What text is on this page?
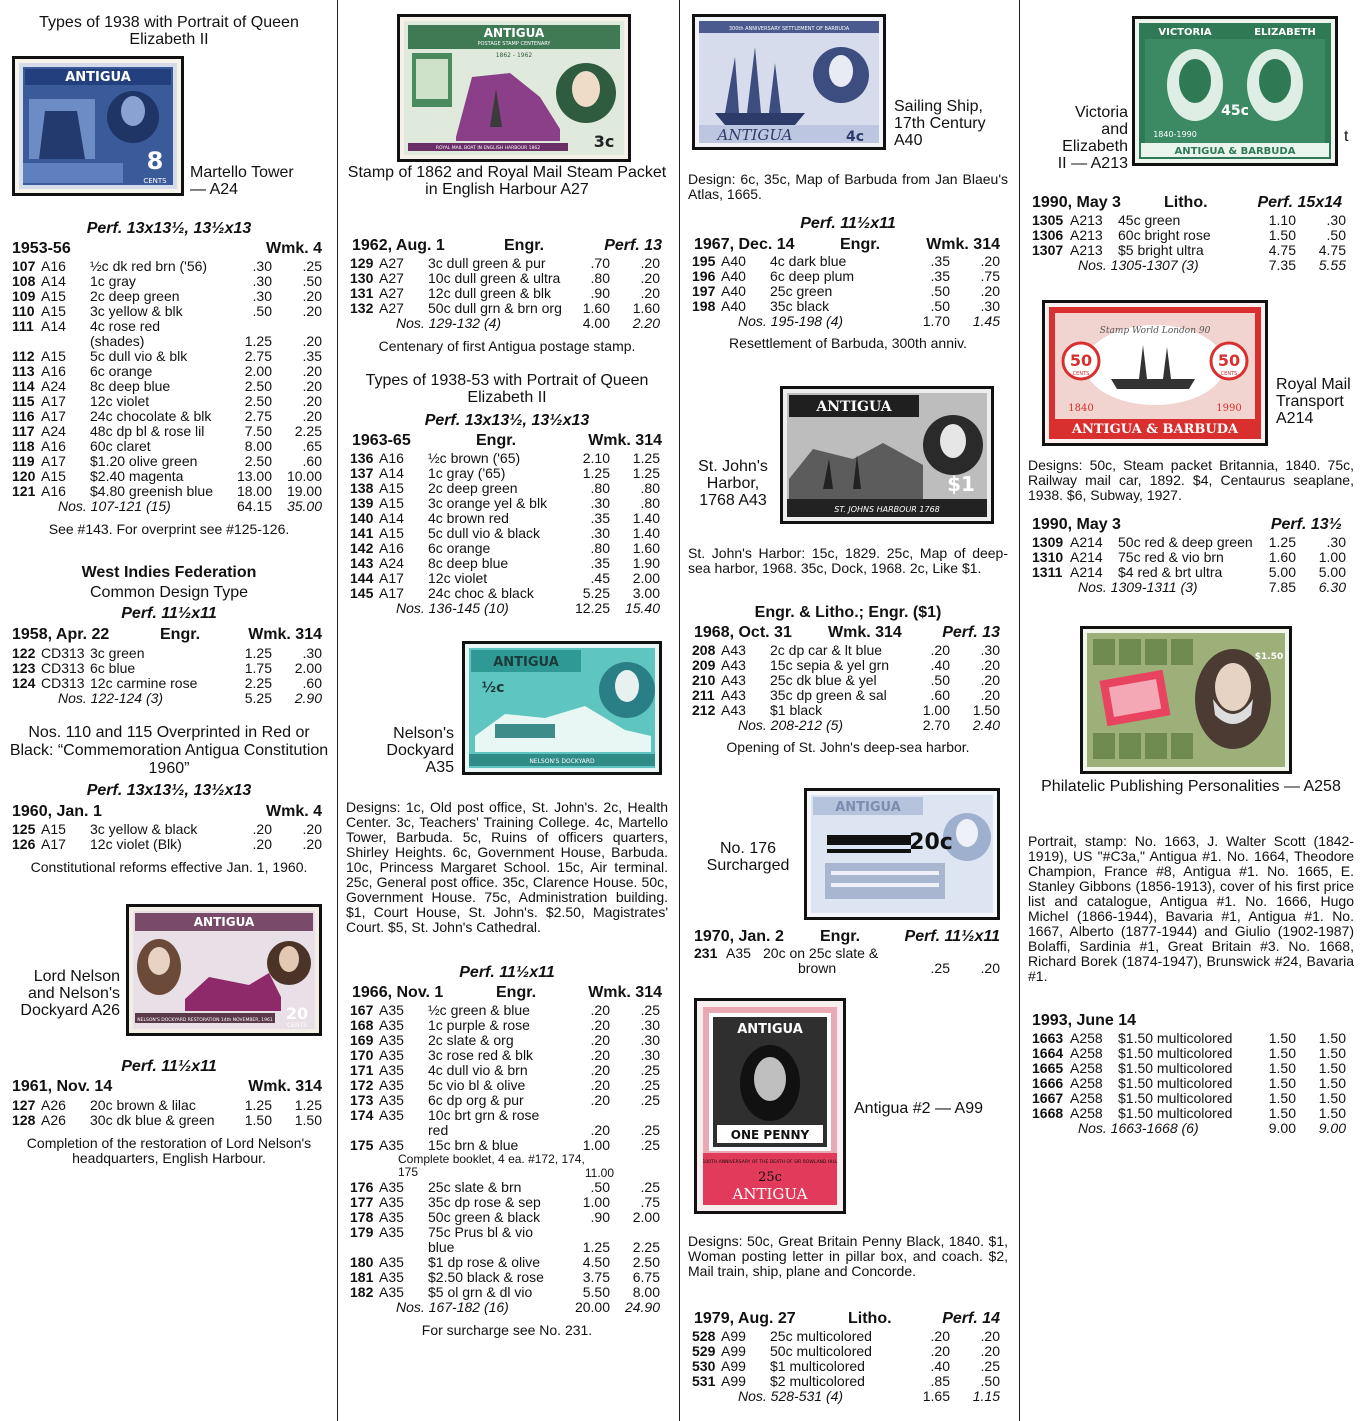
Types of 1938 with Portrait of Queen Elizabeth II
ANTIGUA
8
CENTS Martello Tower — A24
Perf. 13x13½, 13½x13
1953-56	Wmk. 4
107 A16 ½c dk red brn ('56)	.30	.25
108 A14 1c gray	.30	.50
109 A15 2c deep green	.30	.20
110 A15 3c yellow & blk	.50	.20
111 A14 4c rose red
(shades)	1.25	.20
112 A15 5c dull vio & blk	2.75	.35
113 A16 6c orange	2.00	.20
114 A24 8c deep blue	2.50	.20
115 A17 12c violet	2.50	.20
116 A17 24c chocolate & blk	2.75	.20
117 A24 48c dp bl & rose lil	7.50	2.25
118 A16 60c claret	8.00	.65
119 A17 $1.20 olive green	2.50	.60
120 A15 $2.40 magenta	13.00	10.00
121 A16 $4.80 greenish blue	18.00	19.00
Nos. 107-121 (15)	64.15	35.00
See #143. For overprint see #125-126.
West Indies Federation
Common Design Type
Perf. 11½x11
1958, Apr. 22	Engr.	Wmk. 314
122 CD313 3c green	1.25	.30
123 CD313 6c blue	1.75	2.00
124 CD313 12c carmine rose	2.25	.60
Nos. 122-124 (3)	5.25	2.90
Nos. 110 and 115 Overprinted in Red or Black: “Commemoration Antigua Constitution 1960”
Perf. 13x13½, 13½x13
1960, Jan. 1	Wmk. 4
125 A15 3c yellow & black	.20	.20
126 A17 12c violet (Blk)	.20	.20
Constitutional reforms effective Jan. 1, 1960.
ANTIGUA
20
CENTS
NELSON'S DOCKYARD RESTORATION 14th NOVEMBER, 1961
Lord Nelson and Nelson's Dockyard A26
Perf. 11½x11
1961, Nov. 14	Wmk. 314
127 A26 20c brown & lilac	1.25	1.25
128 A26 30c dk blue & green	1.50	1.50
Completion of the restoration of Lord Nelson's headquarters, English Harbour.
ANTIGUA
POSTAGE STAMP CENTENARY
1862 - 1962
3c
ROYAL MAIL BOAT IN ENGLISH HARBOUR 1862
Stamp of 1862 and Royal Mail Steam Packet in English Harbour A27
1962, Aug. 1	Engr.	Perf. 13
129 A27 3c dull green & pur	.70	.20
130 A27 10c dull green & ultra	.80	.20
131 A27 12c dull green & blk	.90	.20
132 A27 50c dull grn & brn org	1.60	1.60
Nos. 129-132 (4)	4.00	2.20
Centenary of first Antigua postage stamp.
Types of 1938-53 with Portrait of Queen Elizabeth II
Perf. 13x13½, 13½x13
1963-65	Engr.	Wmk. 314
136 A16 ½c brown ('65)	2.10	1.25
137 A14 1c gray ('65)	1.25	1.25
138 A15 2c deep green	.80	.80
139 A15 3c orange yel & blk	.30	.80
140 A14 4c brown red	.35	1.40
141 A15 5c dull vio & black	.30	1.40
142 A16 6c orange	.80	1.60
143 A24 8c deep blue	.35	1.90
144 A17 12c violet	.45	2.00
145 A17 24c choc & black	5.25	3.00
Nos. 136-145 (10)	12.25	15.40
ANTIGUA
½c
NELSON'S DOCKYARD
Nelson's Dockyard A35
Designs: 1c, Old post office, St. John's. 2c, Health Center. 3c, Teachers' Training College. 4c, Martello Tower, Barbuda. 5c, Ruins of officers quarters, Shirley Heights. 6c, Government House, Barbuda. 10c, Princess Margaret School. 15c, Air terminal. 25c, General post office. 35c, Clarence House. 50c, Government House. 75c, Administration building. $1, Court House, St. John's. $2.50, Magistrates' Court. $5, St. John's Cathedral.
Perf. 11½x11
1966, Nov. 1	Engr.	Wmk. 314
167 A35 ½c green & blue	.20	.25
168 A35 1c purple & rose	.20	.30
169 A35 2c slate & org	.20	.30
170 A35 3c rose red & blk	.20	.30
171 A35 4c dull vio & brn	.20	.25
172 A35 5c vio bl & olive	.20	.25
173 A35 6c dp org & pur	.20	.25
174 A35 10c brt grn & rose
red	.20	.25
175 A35 15c brn & blue	1.00	.25
Complete booklet, 4 ea. #172, 174, 175	11.00
176 A35 25c slate & brn	.50	.25
177 A35 35c dp rose & sep	1.00	.75
178 A35 50c green & black	.90	2.00
179 A35 75c Prus bl & vio
blue	1.25	2.25
180 A35 $1 dp rose & olive	4.50	2.50
181 A35 $2.50 black & rose	3.75	6.75
182 A35 $5 ol grn & dl vio	5.50	8.00
Nos. 167-182 (16)	20.00	24.90
For surcharge see No. 231.
300th ANNIVERSARY SETTLEMENT OF BARBUDA
ANTIGUA	4c
Sailing Ship, 17th Century A40
Design: 6c, 35c, Map of Barbuda from Jan Blaeu's Atlas, 1665.
Perf. 11½x11
1967, Dec. 14	Engr.	Wmk. 314
195 A40 4c dark blue	.35	.20
196 A40 6c deep plum	.35	.75
197 A40 25c green	.50	.20
198 A40 35c black	.50	.30
Nos. 195-198 (4)	1.70	1.45
Resettlement of Barbuda, 300th anniv.
ANTIGUA
$1
ST. JOHNS HARBOUR 1768
St. John's Harbor, 1768 A43
St. John's Harbor: 15c, 1829. 25c, Map of deep-sea harbor, 1968. 35c, Dock, 1968. 2c, Like $1.
Engr. & Litho.; Engr. ($1)
1968, Oct. 31 Wmk. 314	Perf. 13
208 A43 2c dp car & lt blue	.20	.30
209 A43 15c sepia & yel grn	.40	.20
210 A43 25c dk blue & yel	.50	.20
211 A43 35c dp green & sal	.60	.20
212 A43 $1 black	1.00	1.50
Nos. 208-212 (5)	2.70	2.40
Opening of St. John's deep-sea harbor.
ANTIGUA
20c
No. 176 Surcharged
1970, Jan. 2 Engr.	Perf. 11½x11
231 A35 20c on 25c slate &
brown	.25	.20
ANTIGUA
ONE PENNY
100TH ANNIVERSARY OF THE DEATH OF SIR ROWLAND HILL
25c
ANTIGUA
Antigua #2 — A99
Designs: 50c, Great Britain Penny Black, 1840. $1, Woman posting letter in pillar box, and coach. $2, Mail train, ship, plane and Concorde.
1979, Aug. 27	Litho.	Perf. 14
528 A99 25c multicolored	.20	.20
529 A99 50c multicolored	.20	.20
530 A99 $1 multicolored	.40	.25
531 A99 $2 multicolored	.85	.50
Nos. 528-531 (4)	1.65	1.15
VICTORIA	ELIZABETH
45c
1840-1990
ANTIGUA & BARBUDA
Victoria and Elizabeth II — A213
t
1990, May 3	Litho.	Perf. 15x14
1305 A213 45c green	1.10	.30
1306 A213 60c bright rose	1.50	.50
1307 A213 $5 bright ultra	4.75	4.75
Nos. 1305-1307 (3)	7.35	5.55
Stamp World London 90
50
CENTS
50
CENTS
1840	1990
ANTIGUA & BARBUDA
Royal Mail Transport A214
Designs: 50c, Steam packet Britannia, 1840. 75c, Railway mail car, 1892. $4, Centaurus seaplane, 1938. $6, Subway, 1927.
1990, May 3	Perf. 13½
1309 A214 50c red & deep green	1.25	.30
1310 A214 75c red & vio brn	1.60	1.00
1311 A214 $4 red & brt ultra	5.00	5.00
Nos. 1309-1311 (3)	7.85	6.30
$1.50
Philatelic Publishing Personalities — A258
Portrait, stamp: No. 1663, J. Walter Scott (1842-1919), US "#C3a," Antigua #1. No. 1664, Theodore Champion, France #8, Antigua #1. No. 1665, E. Stanley Gibbons (1856-1913), cover of his first price list and catalogue, Antigua #1. No. 1666, Hugo Michel (1866-1944), Bavaria #1, Antigua #1. No. 1667, Alberto (1877-1944) and Giulio (1902-1987) Bolaffi, Sardinia #1, Great Britain #3. No. 1668, Richard Borek (1874-1947), Brunswick #24, Bavaria #1.
1993, June 14
1663 A258 $1.50 multicolored	1.50	1.50
1664 A258 $1.50 multicolored	1.50	1.50
1665 A258 $1.50 multicolored	1.50	1.50
1666 A258 $1.50 multicolored	1.50	1.50
1667 A258 $1.50 multicolored	1.50	1.50
1668 A258 $1.50 multicolored	1.50	1.50
Nos. 1663-1668 (6)	9.00	9.00
